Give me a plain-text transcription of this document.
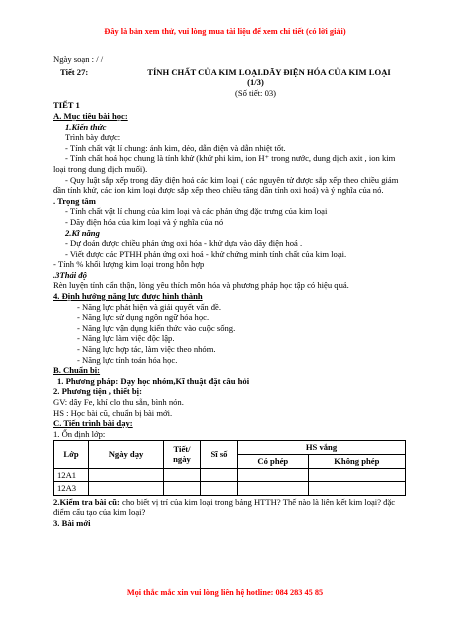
Đây là bản xem thử, vui lòng mua tài liệu để xem chi tiết (có lời giải)
Ngày soạn : / /
Tiết 27:	TÍNH CHẤT CỦA KIM LOẠI.DÃY ĐIỆN HÓA CỦA KIM LOẠI
(1/3)
(Số tiết: 03)
TIẾT 1
A. Mục tiêu bài học:
1.Kiến thức
Trình bày được:
- Tính chất vật lí chung: ánh kim, dẻo, dẫn điện và dẫn nhiệt tốt.
- Tính chất hoá học chung là tính khử (khử phi kim, ion H⁺ trong nước, dung dịch axit , ion kim loại trong dung dịch muối).
- Quy luật sắp xếp trong dãy điện hoá các kim loại ( các nguyên tử được sắp xếp theo chiều giảm dần tính khử, các ion kim loại được sắp xếp theo chiều tăng dần tính oxi hoá) và ý nghĩa của nó.
. Trọng tâm
- Tính chất vật lí chung của kim loại và các phản ứng đặc trưng của kim loại
- Dãy điện hóa của kim loại và ý nghĩa của nó
2.Kĩ năng
- Dự đoán được chiều phản ứng oxi hóa - khử dựa vào dãy điện hoá .
- Viết được các PTHH phản ứng oxi hoá - khử chứng minh tính chất của kim loại.
- Tính % khối lượng kim loại trong hỗn hợp
.3Thái độ
Rèn luyện tính cẩn thận, lòng yêu thích môn hóa và phương pháp học tập có hiệu quả.
4. Định hướng năng lực được hình thành
- Năng lực phát hiện và giải quyết vấn đề.
- Năng lực sử dụng ngôn ngữ hóa học.
- Năng lực vận dụng kiến thức vào cuộc sống.
- Năng lực làm việc độc lập.
- Năng lực hợp tác, làm việc theo nhóm.
- Năng lực tính toán hóa học.
B. Chuẩn bị:
1. Phương pháp: Dạy học nhóm,Kĩ thuật đặt câu hỏi
2. Phương tiện , thiết bị:
GV: dây Fe, khí clo thu sẵn, bình nón.
HS : Học bài cũ, chuẩn bị bài mới.
C. Tiến trình bài dạy:
1. Ổn định lớp:
Lớp	Ngày dạy	Tiết/ ngày	Sĩ số	HS vắng	
				Có phép	Không phép
12A1					
12A3					
2.Kiểm tra bài cũ: cho biết vị trí của kim loại trong bảng HTTH? Thế nào là liên kết kim loại? đặc điểm cấu tạo của kim loại?
3. Bài mới
Mọi thắc mắc xin vui lòng liên hệ hotline: 084 283 45 85
